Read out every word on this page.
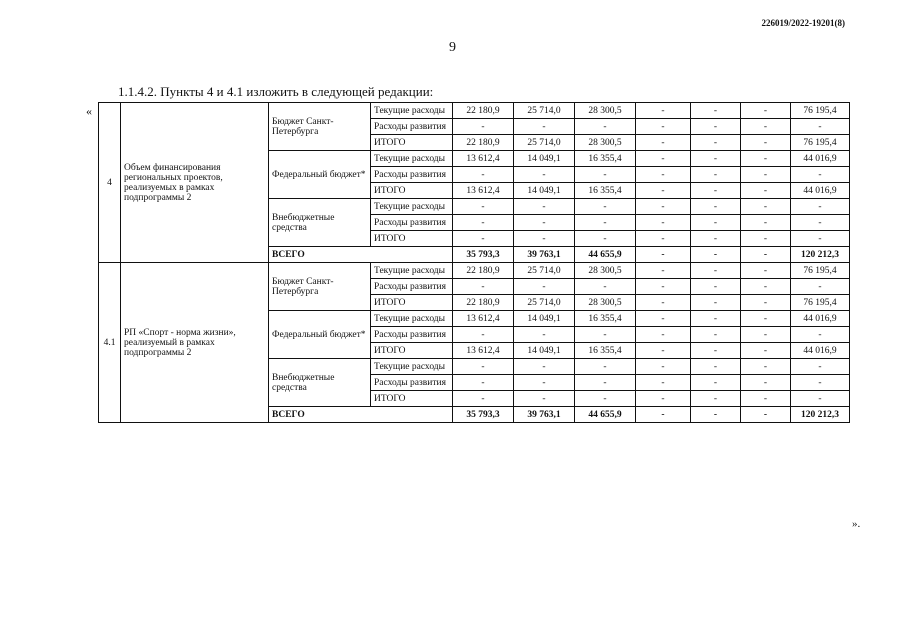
226019/2022-19201(8)
9
1.1.4.2. Пункты 4 и 4.1 изложить в следующей редакции:
«
».
4	Объем финансирования региональных проектов, реализуемых в рамках подпрограммы 2	Бюджет Санкт-Петербурга	Текущие расходы	22 180,9	25 714,0	28 300,5	-	-	-	76 195,4
			Расходы развития	-	-	-	-	-	-	-
			ИТОГО	22 180,9	25 714,0	28 300,5	-	-	-	76 195,4
		Федеральный бюджет*	Текущие расходы	13 612,4	14 049,1	16 355,4	-	-	-	44 016,9
			Расходы развития	-	-	-	-	-	-	-
			ИТОГО	13 612,4	14 049,1	16 355,4	-	-	-	44 016,9
		Внебюджетные средства	Текущие расходы	-	-	-	-	-	-	-
			Расходы развития	-	-	-	-	-	-	-
			ИТОГО	-	-	-	-	-	-	-
		ВСЕГО		35 793,3	39 763,1	44 655,9	-	-	-	120 212,3
4.1	РП «Спорт - норма жизни», реализуемый в рамках подпрограммы 2	Бюджет Санкт-Петербурга	Текущие расходы	22 180,9	25 714,0	28 300,5	-	-	-	76 195,4
			Расходы развития	-	-	-	-	-	-	-
			ИТОГО	22 180,9	25 714,0	28 300,5	-	-	-	76 195,4
		Федеральный бюджет*	Текущие расходы	13 612,4	14 049,1	16 355,4	-	-	-	44 016,9
			Расходы развития	-	-	-	-	-	-	-
			ИТОГО	13 612,4	14 049,1	16 355,4	-	-	-	44 016,9
		Внебюджетные средства	Текущие расходы	-	-	-	-	-	-	-
			Расходы развития	-	-	-	-	-	-	-
			ИТОГО	-	-	-	-	-	-	-
		ВСЕГО		35 793,3	39 763,1	44 655,9	-	-	-	120 212,3
